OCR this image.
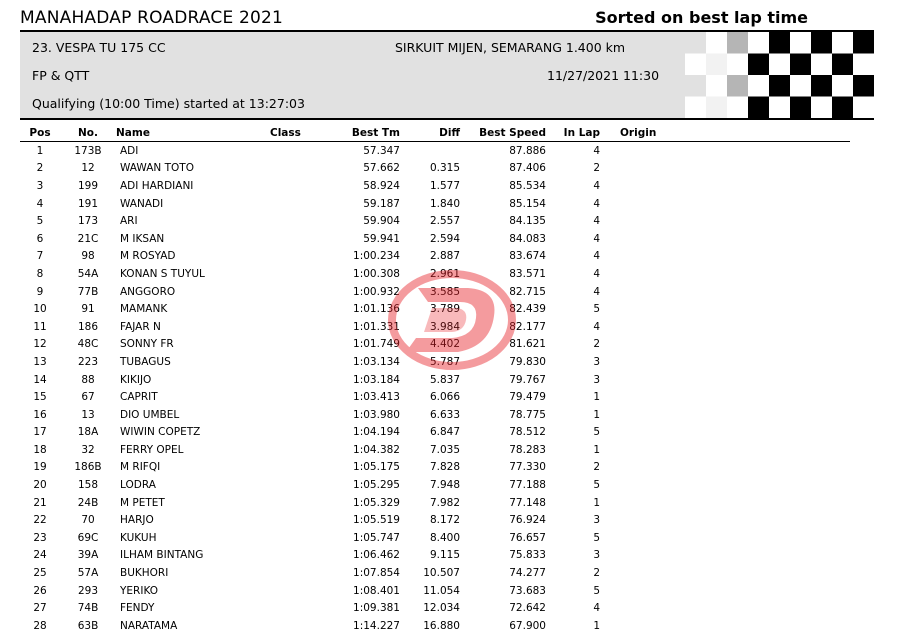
MANAHADAP ROADRACE 2021	Sorted on best lap time
23. VESPA TU 175 CC	SIRKUIT MIJEN, SEMARANG 1.400 km
FP & QTT	11/27/2021 11:30
Qualifying (10:00 Time) started at 13:27:03
Pos	No.	Name	Class	Best Tm	Diff	Best Speed	In Lap	Origin
1	173B	ADI		57.347		87.886	4	
2	12	WAWAN TOTO		57.662	0.315	87.406	2	
3	199	ADI HARDIANI		58.924	1.577	85.534	4	
4	191	WANADI		59.187	1.840	85.154	4	
5	173	ARI		59.904	2.557	84.135	4	
6	21C	M IKSAN		59.941	2.594	84.083	4	
7	98	M ROSYAD		1:00.234	2.887	83.674	4	
8	54A	KONAN S TUYUL		1:00.308	2.961	83.571	4	
9	77B	ANGGORO		1:00.932	3.585	82.715	4	
10	91	MAMANK		1:01.136	3.789	82.439	5	
11	186	FAJAR N		1:01.331	3.984	82.177	4	
12	48C	SONNY FR		1:01.749	4.402	81.621	2	
13	223	TUBAGUS		1:03.134	5.787	79.830	3	
14	88	KIKIJO		1:03.184	5.837	79.767	3	
15	67	CAPRIT		1:03.413	6.066	79.479	1	
16	13	DIO UMBEL		1:03.980	6.633	78.775	1	
17	18A	WIWIN COPETZ		1:04.194	6.847	78.512	5	
18	32	FERRY OPEL		1:04.382	7.035	78.283	1	
19	186B	M RIFQI		1:05.175	7.828	77.330	2	
20	158	LODRA		1:05.295	7.948	77.188	5	
21	24B	M PETET		1:05.329	7.982	77.148	1	
22	70	HARJO		1:05.519	8.172	76.924	3	
23	69C	KUKUH		1:05.747	8.400	76.657	5	
24	39A	ILHAM BINTANG		1:06.462	9.115	75.833	3	
25	57A	BUKHORI		1:07.854	10.507	74.277	2	
26	293	YERIKO		1:08.401	11.054	73.683	5	
27	74B	FENDY		1:09.381	12.034	72.642	4	
28	63B	NARATAMA		1:14.227	16.880	67.900	1	
